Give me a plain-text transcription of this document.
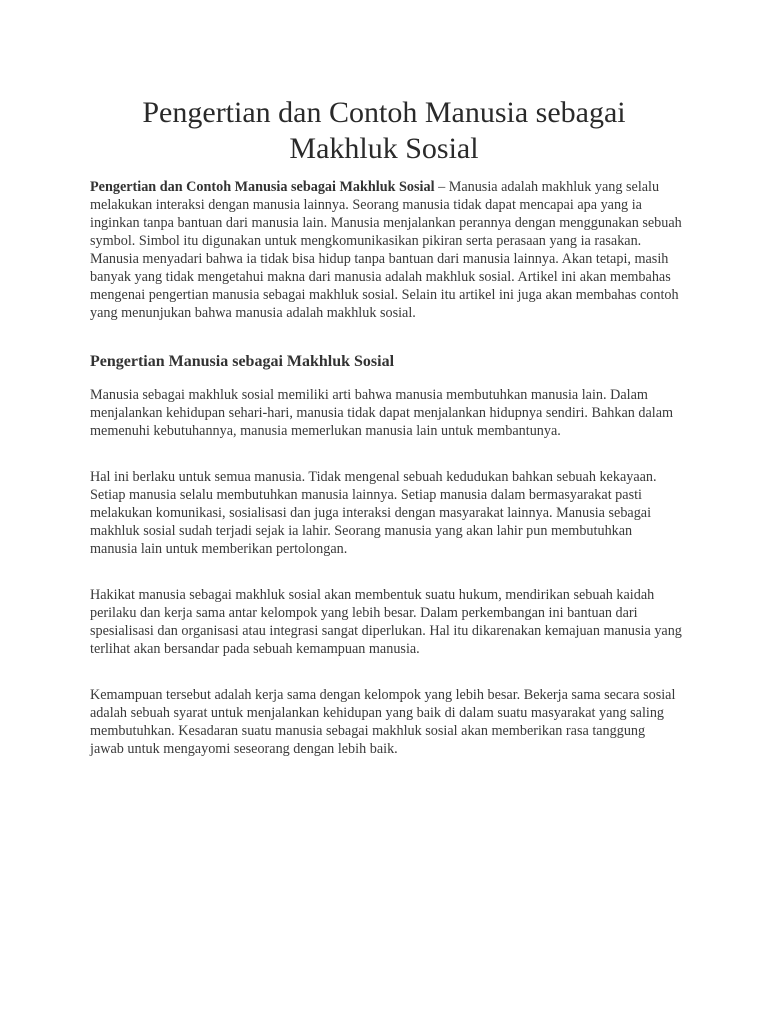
Pengertian dan Contoh Manusia sebagai Makhluk Sosial

Pengertian dan Contoh Manusia sebagai Makhluk Sosial – Manusia adalah makhluk yang selalu melakukan interaksi dengan manusia lainnya. Seorang manusia tidak dapat mencapai apa yang ia inginkan tanpa bantuan dari manusia lain. Manusia menjalankan perannya dengan menggunakan sebuah symbol. Simbol itu digunakan untuk mengkomunikasikan pikiran serta perasaan yang ia rasakan.

Manusia menyadari bahwa ia tidak bisa hidup tanpa bantuan dari manusia lainnya. Akan tetapi, masih banyak yang tidak mengetahui makna dari manusia adalah makhluk sosial. Artikel ini akan membahas mengenai pengertian manusia sebagai makhluk sosial. Selain itu artikel ini juga akan membahas contoh yang menunjukan bahwa manusia adalah makhluk sosial.

Pengertian Manusia sebagai Makhluk Sosial

Manusia sebagai makhluk sosial memiliki arti bahwa manusia membutuhkan manusia lain. Dalam menjalankan kehidupan sehari-hari, manusia tidak dapat menjalankan hidupnya sendiri. Bahkan dalam memenuhi kebutuhannya, manusia memerlukan manusia lain untuk membantunya.

Hal ini berlaku untuk semua manusia. Tidak mengenal sebuah kedudukan bahkan sebuah kekayaan. Setiap manusia selalu membutuhkan manusia lainnya. Setiap manusia dalam bermasyarakat pasti melakukan komunikasi, sosialisasi dan juga interaksi dengan masyarakat lainnya. Manusia sebagai makhluk sosial sudah terjadi sejak ia lahir. Seorang manusia yang akan lahir pun membutuhkan manusia lain untuk memberikan pertolongan.

Hakikat manusia sebagai makhluk sosial akan membentuk suatu hukum, mendirikan sebuah kaidah perilaku dan kerja sama antar kelompok yang lebih besar. Dalam perkembangan ini bantuan dari spesialisasi dan organisasi atau integrasi sangat diperlukan. Hal itu dikarenakan kemajuan manusia yang terlihat akan bersandar pada sebuah kemampuan manusia.

Kemampuan tersebut adalah kerja sama dengan kelompok yang lebih besar. Bekerja sama secara sosial adalah sebuah syarat untuk menjalankan kehidupan yang baik di dalam suatu masyarakat yang saling membutuhkan. Kesadaran suatu manusia sebagai makhluk sosial akan memberikan rasa tanggung jawab untuk mengayomi seseorang dengan lebih baik.
